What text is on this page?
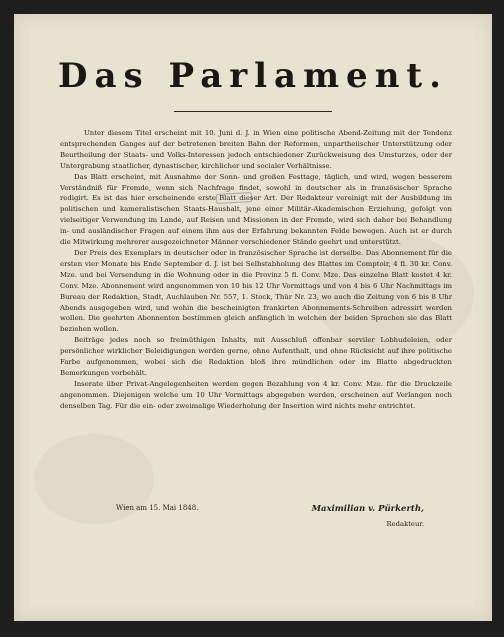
Das Parlament.

Unter diesem Titel erscheint mit 10. Juni d. J. in Wien eine politische Abend-Zeitung mit der Tendenz entsprechenden Ganges auf der betretenen breiten Bahn der Reformen, unpartheiischer Unterstützung oder Beurtheilung der Staats- und Volks-Interessen jedoch entschiedener Zurückweisung des Umsturzes, oder der Untergrabung staatlicher, dynastischer, kirchlicher und socialer Verhältnisse.

Das Blatt erscheint, mit Ausnahme der Sonn- und großen Festtage, täglich, und wird, wegen besserem Verständniß für Fremde, wenn sich Nachfrage findet, sowohl in deutscher als in französischer Sprache redigirt. Es ist das hier erscheinende erste Blatt dieser Art. Der Redakteur vereinigt mit der Ausbildung im politischen und kameralistischen Staats-Haushalt, jene einer Militär-Akademischen Erziehung, gefolgt von vielseitiger Verwendung im Lande, auf Reisen und Missionen in der Fremde, wird sich daher bei Behandlung in- und ausländischer Fragen auf einem ihm aus der Erfahrung bekannten Felde bewegen. Auch ist er durch die Mitwirkung mehrerer ausgezeichneter Männer verschiedener Stände geehrt und unterstützt.

Der Preis des Exemplars in deutscher oder in französischer Sprache ist derselbe. Das Abonnement für die ersten vier Monate bis Ende September d. J. ist bei Selbstabholung des Blattes im Comptoir, 4 fl. 30 kr. Conv. Mze. und bei Versendung in die Wohnung oder in die Provinz 5 fl. Conv. Mze. Das einzelne Blatt kostet 4 kr. Conv. Mze. Abonnement wird angenommen von 10 bis 12 Uhr Vormittags und von 4 bis 6 Uhr Nachmittags im Bureau der Redaktion, Stadt, Auchlauben Nr. 557, 1. Stock, Thür Nr. 23, wo auch die Zeitung von 6 bis 8 Uhr Abends ausgegeben wird, und wohin die bescheinigten frankirten Abonnements-Schreiben adressirt werden wollen. Die geehrten Abonnenten bestimmen gleich anfänglich in welchen der beiden Sprachen sie das Blatt beziehen wollen.

Beiträge jedes noch so freimüthigen Inhalts, mit Ausschluß offenbar serviler Lobhudeleien, oder persönlicher wirklicher Beleidigungen werden gerne, ohne Aufenthalt, und ohne Rücksicht auf ihre politische Farbe aufgenommen, wobei sich die Redaktion bloß ihre mündlichen oder im Blatte abgedruckten Bemerkungen vorbehält.

Inserate über Privat-Angelegenheiten werden gegen Bezahlung von 4 kr. Conv. Mze. für die Druckzeile angenommen. Diejenigen welche um 10 Uhr Vormittags abgegeben werden, erscheinen auf Verlangen noch denselben Tag. Für die ein- oder zweimalige Wiederholung der Insertion wird nichts mehr entrichtet.

Wien am 15. Mai 1848.	Maximilian v. Pürkerth,
Redakteur.
